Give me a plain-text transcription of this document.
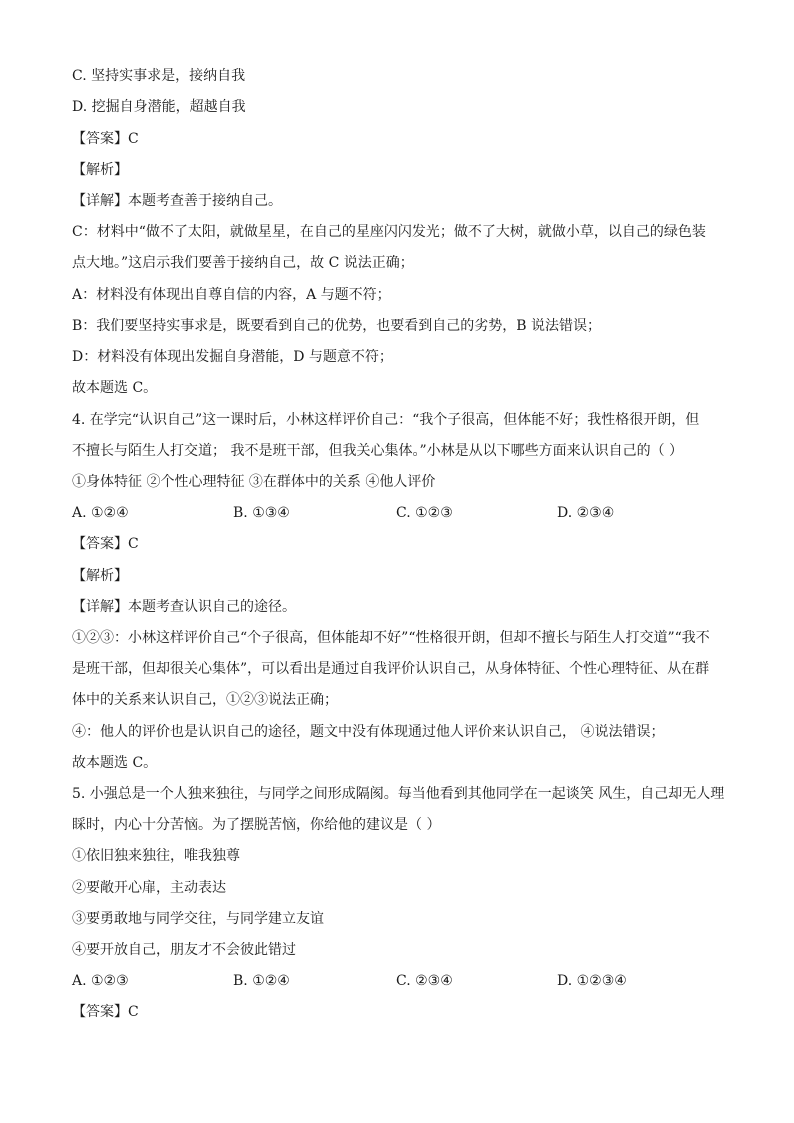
C. 坚持实事求是，接纳自我
D. 挖掘自身潜能，超越自我
【答案】C
【解析】
【详解】本题考查善于接纳自己。
C：材料中“做不了太阳，就做星星，在自己的星座闪闪发光；做不了大树，就做小草，以自己的绿色装
点大地。”这启示我们要善于接纳自己，故 C 说法正确；
A：材料没有体现出自尊自信的内容，A 与题不符；
B：我们要坚持实事求是，既要看到自己的优势，也要看到自己的劣势，B 说法错误；
D：材料没有体现出发掘自身潜能，D 与题意不符；
故本题选 C。
4. 在学完“认识自己”这一课时后，小林这样评价自己：“我个子很高，但体能不好；我性格很开朗，但
不擅长与陌生人打交道； 我不是班干部，但我关心集体。”小林是从以下哪些方面来认识自己的（ ）
①身体特征 ②个性心理特征 ③在群体中的关系 ④他人评价
A. ①②④	B. ①③④	C. ①②③	D. ②③④
【答案】C
【解析】
【详解】本题考查认识自己的途径。
①②③：小林这样评价自己“个子很高，但体能却不好”“性格很开朗，但却不擅长与陌生人打交道”“我不
是班干部，但却很关心集体”，可以看出是通过自我评价认识自己，从身体特征、个性心理特征、从在群
体中的关系来认识自己，①②③说法正确；
④：他人的评价也是认识自己的途径，题文中没有体现通过他人评价来认识自己， ④说法错误；
故本题选 C。
5. 小强总是一个人独来独往，与同学之间形成隔阂。每当他看到其他同学在一起谈笑 风生，自己却无人理
睬时，内心十分苦恼。为了摆脱苦恼，你给他的建议是（ ）
①依旧独来独往，唯我独尊
②要敞开心扉，主动表达
③要勇敢地与同学交往，与同学建立友谊
④要开放自己，朋友才不会彼此错过
A. ①②③	B. ①②④	C. ②③④	D. ①②③④
【答案】C
